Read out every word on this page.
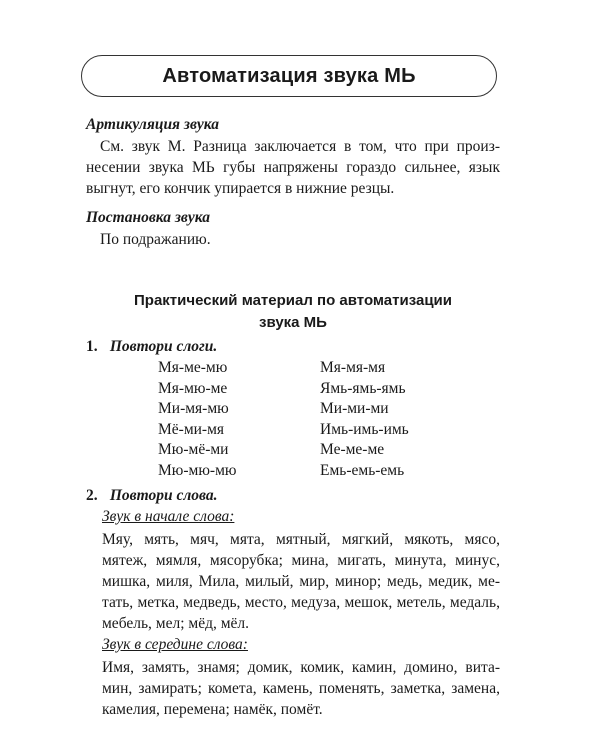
Автоматизация звука МЬ
Артикуляция звука
См. звук М. Разница заключается в том, что при произ-
несении звука МЬ губы напряжены гораздо сильнее, язык
выгнут, его кончик упирается в нижние резцы.
Постановка звука
По подражанию.
Практический материал по автоматизации
звука МЬ
1. Повтори слоги.
Мя-ме-мю
Мя-мю-ме
Ми-мя-мю
Мё-ми-мя
Мю-мё-ми
Мю-мю-мю
Мя-мя-мя
Ямь-ямь-ямь
Ми-ми-ми
Имь-имь-имь
Ме-ме-ме
Емь-емь-емь
2. Повтори слова.
Звук в начале слова:
Мяу, мять, мяч, мята, мятный, мягкий, мякоть, мясо,
мятеж, мямля, мясорубка; мина, мигать, минута, минус,
мишка, миля, Мила, милый, мир, минор; медь, медик, ме-
тать, метка, медведь, место, медуза, мешок, метель, медаль,
мебель, мел; мёд, мёл.
Звук в середине слова:
Имя, замять, знамя; домик, комик, камин, домино, вита-
мин, замирать; комета, камень, поменять, заметка, замена,
камелия, перемена; намёк, помёт.
